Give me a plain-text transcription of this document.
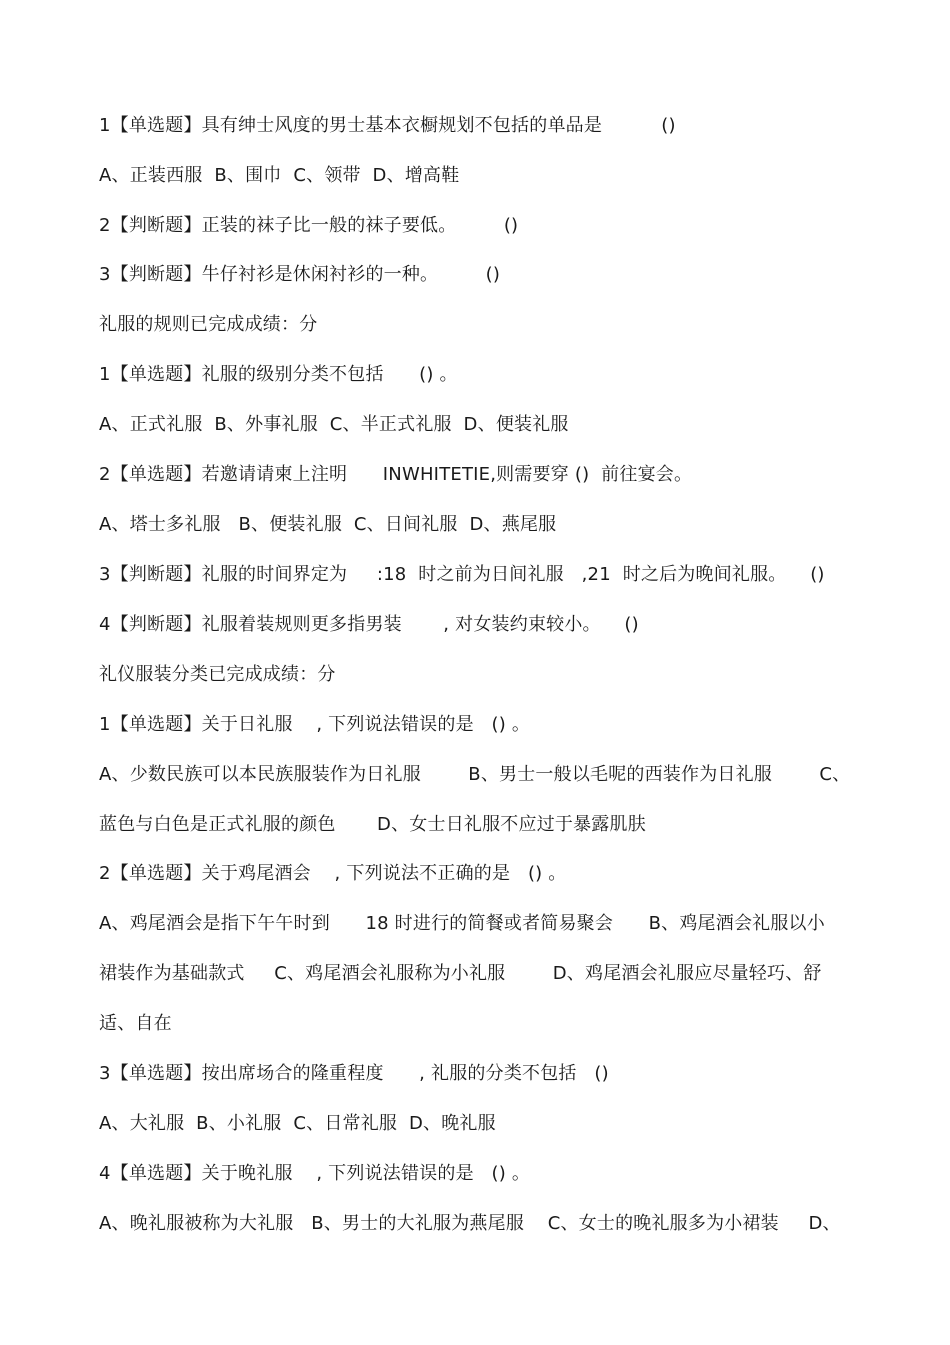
1【单选题】具有绅士风度的男士基本衣橱规划不包括的单品是          ()
A、正装西服  B、围巾  C、领带  D、增高鞋
2【判断题】正装的袜子比一般的袜子要低。        ()
3【判断题】牛仔衬衫是休闲衬衫的一种。        ()
礼服的规则已完成成绩：分
1【单选题】礼服的级别分类不包括      () 。
A、正式礼服  B、外事礼服  C、半正式礼服  D、便装礼服
2【单选题】若邀请请柬上注明      INWHITETIE,则需要穿 ()  前往宴会。
A、塔士多礼服   B、便装礼服  C、日间礼服  D、燕尾服
3【判断题】礼服的时间界定为     :18  时之前为日间礼服   ,21  时之后为晚间礼服。    ()
4【判断题】礼服着装规则更多指男装       , 对女装约束较小。    ()
礼仪服装分类已完成成绩：分
1【单选题】关于日礼服    , 下列说法错误的是   () 。
A、少数民族可以本民族服装作为日礼服        B、男士一般以毛呢的西装作为日礼服        C、
蓝色与白色是正式礼服的颜色       D、女士日礼服不应过于暴露肌肤
2【单选题】关于鸡尾酒会    , 下列说法不正确的是   () 。
A、鸡尾酒会是指下午午时到      18 时进行的简餐或者简易聚会      B、鸡尾酒会礼服以小
裙装作为基础款式     C、鸡尾酒会礼服称为小礼服        D、鸡尾酒会礼服应尽量轻巧、舒
适、自在
3【单选题】按出席场合的隆重程度      , 礼服的分类不包括   ()
A、大礼服  B、小礼服  C、日常礼服  D、晚礼服
4【单选题】关于晚礼服    , 下列说法错误的是   () 。
A、晚礼服被称为大礼服   B、男士的大礼服为燕尾服    C、女士的晚礼服多为小裙装     D、
